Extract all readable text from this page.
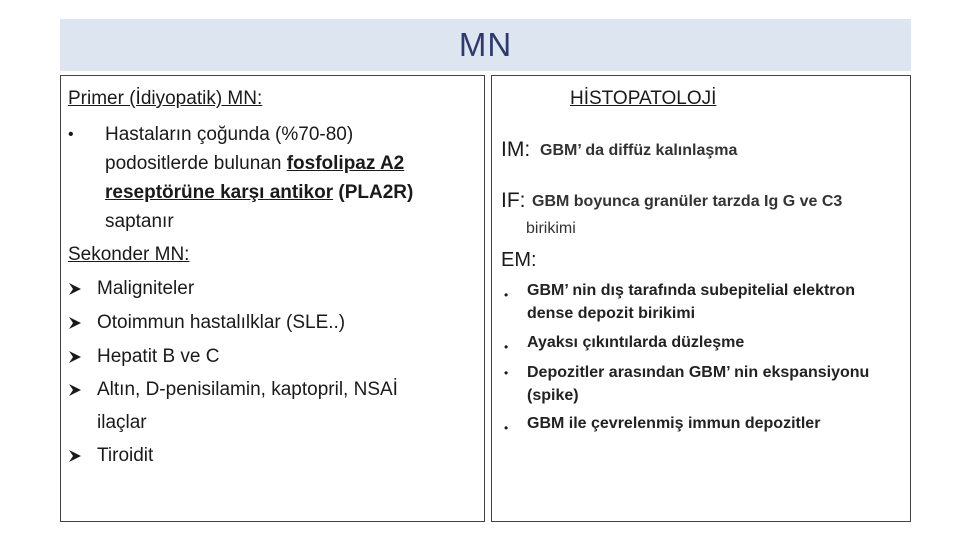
MN
Primer (İdiyopatik) MN:
• Hastaların çoğunda (%70-80)
podositlerde bulunan fosfolipaz A2
reseptörüne karşı antikor (PLA2R)
saptanır
Sekonder MN:
Maligniteler
Otoimmun hastalılklar (SLE..)
Hepatit B ve C
Altın, D-penisilamin, kaptopril, NSAİ
ilaçlar
Tiroidit
HİSTOPATOLOJİ
IM: GBM’ da diffüz kalınlaşma
IF: GBM boyunca granüler tarzda Ig G ve C3
birikimi
EM:
• GBM’ nin dış tarafında subepitelial elektron
dense depozit birikimi
• Ayaksı çıkıntılarda düzleşme
• Depozitler arasından GBM’ nin ekspansiyonu
(spike)
• GBM ile çevrelenmiş immun depozitler
